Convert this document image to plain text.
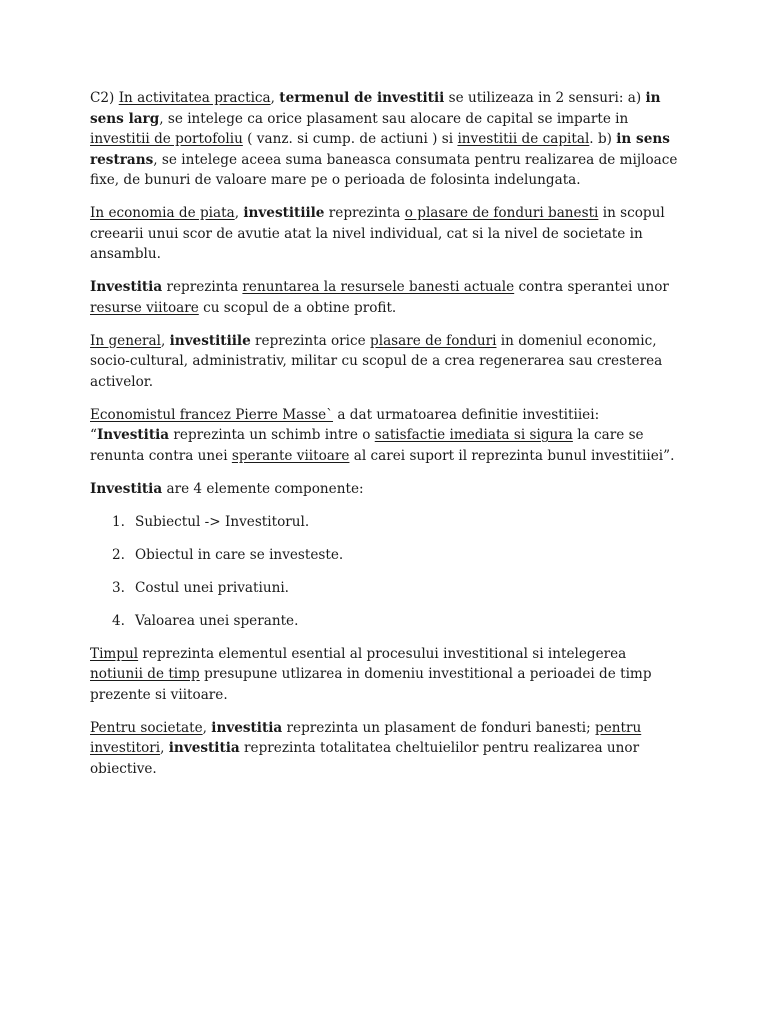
C2) In activitatea practica, termenul de investitii se utilizeaza in 2 sensuri: a) in sens larg, se intelege ca orice plasament sau alocare de capital se imparte in investitii de portofoliu ( vanz. si cump. de actiuni ) si investitii de capital. b) in sens restrans, se intelege aceea suma baneasca consumata pentru realizarea de mijloace fixe, de bunuri de valoare mare pe o perioada de folosinta indelungata.

In economia de piata, investitiile reprezinta o plasare de fonduri banesti in scopul creearii unui scor de avutie atat la nivel individual, cat si la nivel de societate in ansamblu.

Investitia reprezinta renuntarea la resursele banesti actuale contra sperantei unor resurse viitoare cu scopul de a obtine profit.

In general, investitiile reprezinta orice plasare de fonduri in domeniul economic, socio-cultural, administrativ, militar cu scopul de a crea regenerarea sau cresterea activelor.

Economistul francez Pierre Masse` a dat urmatoarea definitie investitiiei: “Investitia reprezinta un schimb intre o satisfactie imediata si sigura la care se renunta contra unei sperante viitoare al carei suport il reprezinta bunul investitiiei”.

Investitia are 4 elemente componente:

1. Subiectul -> Investitorul.
2. Obiectul in care se investeste.
3. Costul unei privatiuni.
4. Valoarea unei sperante.

Timpul reprezinta elementul esential al procesului investitional si intelegerea notiunii de timp presupune utlizarea in domeniu investitional a perioadei de timp prezente si viitoare.

Pentru societate, investitia reprezinta un plasament de fonduri banesti; pentru investitori, investitia reprezinta totalitatea cheltuielilor pentru realizarea unor obiective.
